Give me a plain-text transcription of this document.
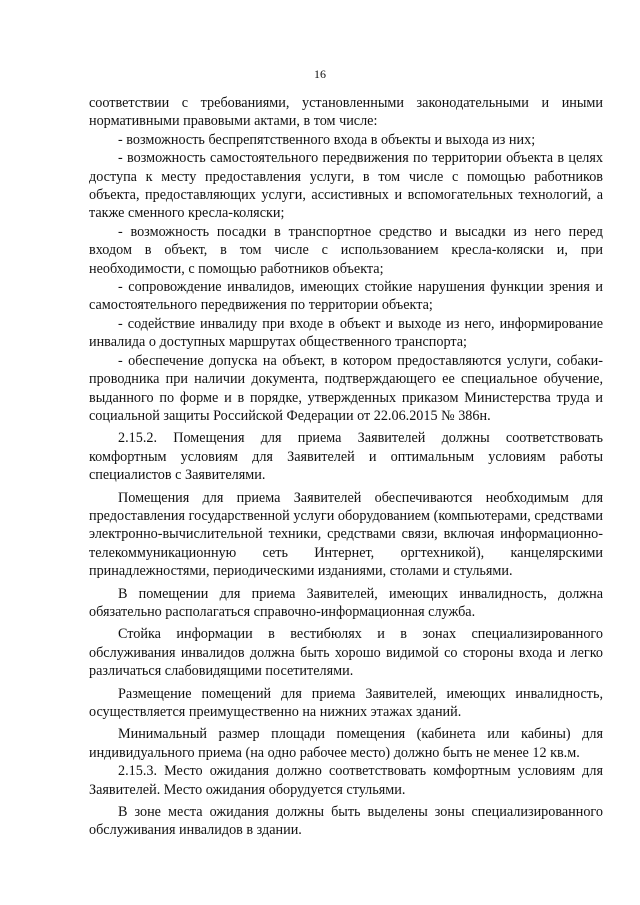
16

соответствии с требованиями, установленными законодательными и иными нормативными правовыми актами, в том числе:

- возможность беспрепятственного входа в объекты и выхода из них;

- возможность самостоятельного передвижения по территории объекта в целях доступа к месту предоставления услуги, в том числе с помощью работников объекта, предоставляющих услуги, ассистивных и вспомогательных технологий, а также сменного кресла-коляски;

- возможность посадки в транспортное средство и высадки из него перед входом в объект, в том числе с использованием кресла-коляски и, при необходимости, с помощью работников объекта;

- сопровождение инвалидов, имеющих стойкие нарушения функции зрения и самостоятельного передвижения по территории объекта;

- содействие инвалиду при входе в объект и выходе из него, информирование инвалида о доступных маршрутах общественного транспорта;

- обеспечение допуска на объект, в котором предоставляются услуги, собаки-проводника при наличии документа, подтверждающего ее специальное обучение, выданного по форме и в порядке, утвержденных приказом Министерства труда и социальной защиты Российской Федерации от 22.06.2015 № 386н.

2.15.2. Помещения для приема Заявителей должны соответствовать комфортным условиям для Заявителей и оптимальным условиям работы специалистов с Заявителями.

Помещения для приема Заявителей обеспечиваются необходимым для предоставления государственной услуги оборудованием (компьютерами, средствами электронно-вычислительной техники, средствами связи, включая информационно-телекоммуникационную сеть Интернет, оргтехникой), канцелярскими принадлежностями, периодическими изданиями, столами и стульями.

В помещении для приема Заявителей, имеющих инвалидность, должна обязательно располагаться справочно-информационная служба.

Стойка информации в вестибюлях и в зонах специализированного обслуживания инвалидов должна быть хорошо видимой со стороны входа и легко различаться слабовидящими посетителями.

Размещение помещений для приема Заявителей, имеющих инвалидность, осуществляется преимущественно на нижних этажах зданий.

Минимальный размер площади помещения (кабинета или кабины) для индивидуального приема (на одно рабочее место) должно быть не менее 12 кв.м.

2.15.3. Место ожидания должно соответствовать комфортным условиям для Заявителей. Место ожидания оборудуется стульями.

В зоне места ожидания должны быть выделены зоны специализированного обслуживания инвалидов в здании.
